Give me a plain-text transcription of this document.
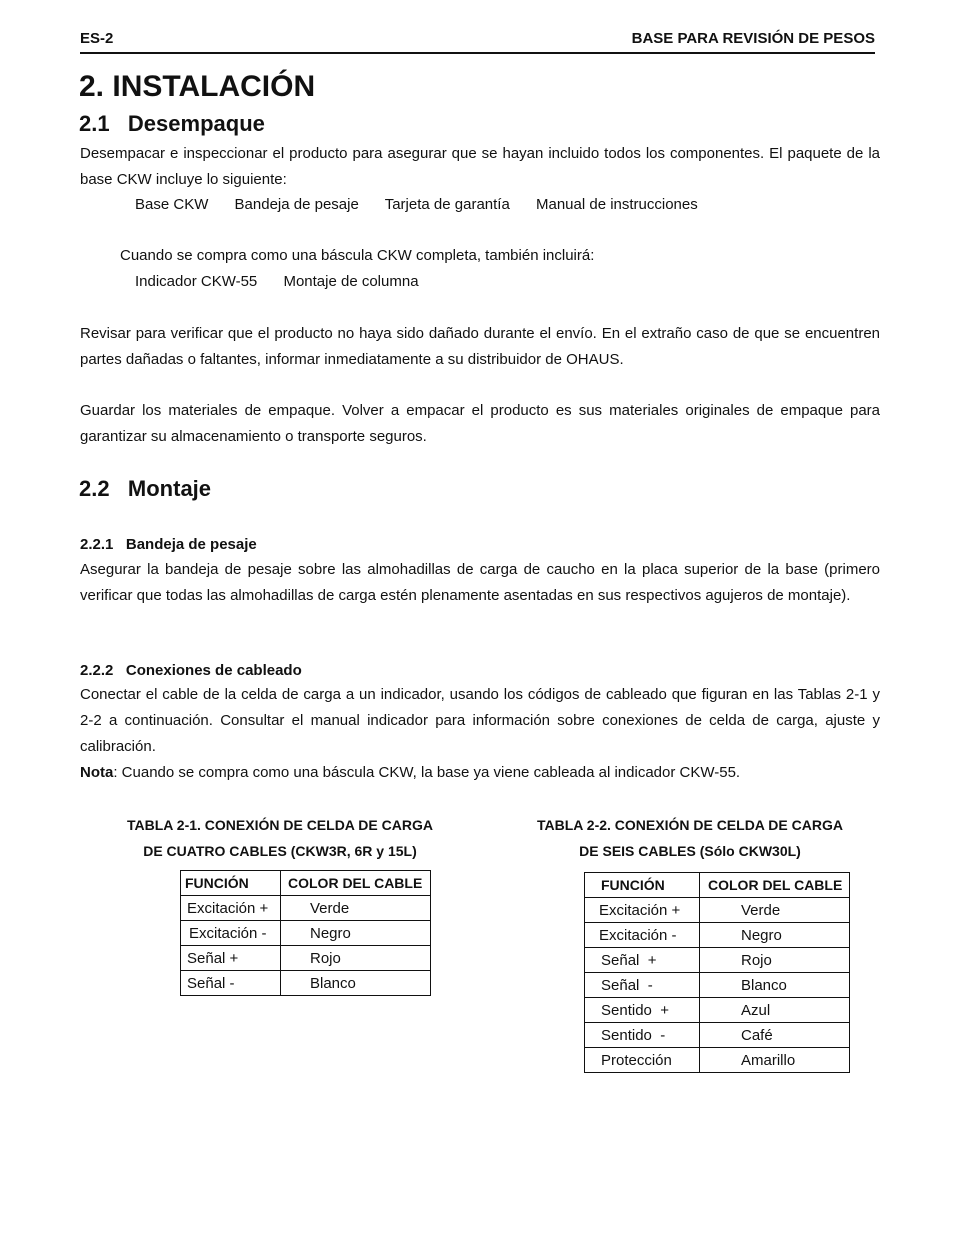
ES-2	BASE PARA REVISIÓN DE PESOS
2. INSTALACIÓN
2.1   Desempaque
Desempacar e inspeccionar el producto para asegurar que se hayan incluido todos los componentes. El paquete de la base CKW incluye lo siguiente:
Base CKW Bandeja de pesaje Tarjeta de garantía Manual de instrucciones
Cuando se compra como una báscula CKW completa, también incluirá:
Indicador CKW-55 Montaje de columna
Revisar para verificar que el producto no haya sido dañado durante el envío. En el extraño caso de que se encuentren partes dañadas o faltantes, informar inmediatamente a su distribuidor de OHAUS.
Guardar los materiales de empaque. Volver a empacar el producto es sus materiales originales de empaque para garantizar su almacenamiento o transporte seguros.
2.2   Montaje
2.2.1   Bandeja de pesaje
Asegurar la bandeja de pesaje sobre las almohadillas de carga de caucho en la placa superior de la base (primero verificar que todas las almohadillas de carga estén plenamente asentadas en sus respectivos agujeros de montaje).
2.2.2   Conexiones de cableado
Conectar el cable de la celda de carga a un indicador, usando los códigos de cableado que figuran en las Tablas 2-1 y 2-2 a continuación. Consultar el manual indicador para información sobre conexiones de celda de carga, ajuste y calibración.
Nota: Cuando se compra como una báscula CKW, la base ya viene cableada al indicador CKW-55.
TABLA 2-1. CONEXIÓN DE CELDA DE CARGA
DE CUATRO CABLES (CKW3R, 6R y 15L)
FUNCIÓN	COLOR DEL CABLE
Excitación +	Verde
Excitación -	Negro
Señal +	Rojo
Señal -	Blanco
TABLA 2-2. CONEXIÓN DE CELDA DE CARGA
DE SEIS CABLES (Sólo CKW30L)
FUNCIÓN	COLOR DEL CABLE
Excitación +	Verde
Excitación -	Negro
Señal  +	Rojo
Señal  -	Blanco
Sentido  +	Azul
Sentido  -	Café
Protección	Amarillo
